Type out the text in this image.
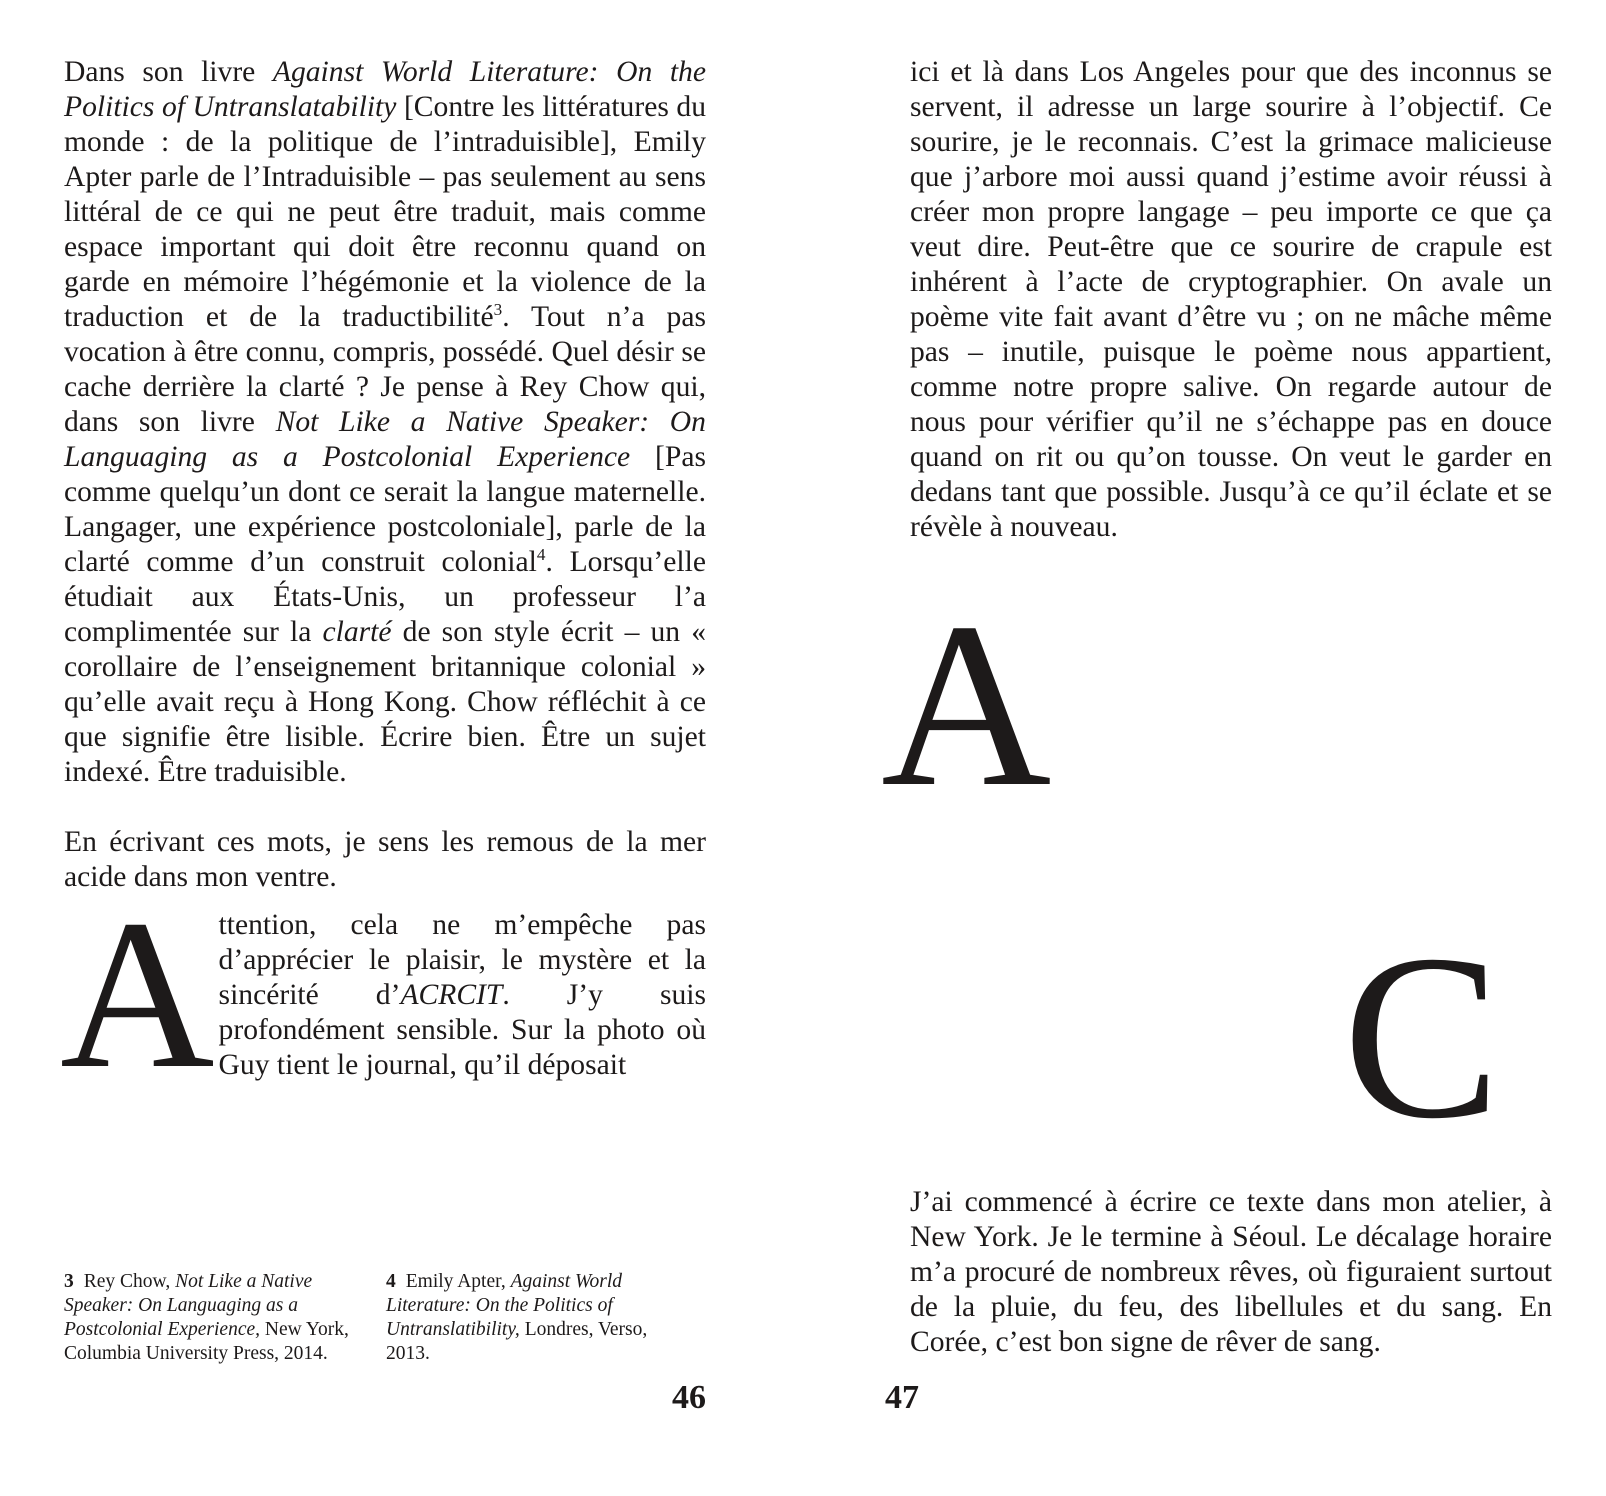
Dans son livre Against World Literature: On the Politics of Untranslatability [Contre les littératures du monde : de la politique de l’intraduisible], Emily Apter parle de l’Intraduisible – pas seulement au sens littéral de ce qui ne peut être traduit, mais comme espace important qui doit être reconnu quand on garde en mémoire l’hégémonie et la violence de la traduction et de la traductibilité$^3$. Tout n’a pas vocation à être connu, compris, possédé. Quel désir se cache derrière la clarté ? Je pense à Rey Chow qui, dans son livre Not Like a Native Speaker: On Languaging as a Postcolonial Experience [Pas comme quelqu’un dont ce serait la langue maternelle. Langager, une expérience postcoloniale], parle de la clarté comme d’un construit colonial$^4$. Lorsqu’elle étudiait aux États-Unis, un professeur l’a complimentée sur la clarté de son style écrit – un « corollaire de l’enseignement britannique colonial » qu’elle avait reçu à Hong Kong. Chow réfléchit à ce que signifie être lisible. Écrire bien. Être un sujet indexé. Être traduisible.

En écrivant ces mots, je sens les remous de la mer acide dans mon ventre.

Attention, cela ne m’empêche pas d’apprécier le plaisir, le mystère et la sincérité d’ACRCIT. J’y suis profondément sensible. Sur la photo où Guy tient le journal, qu’il déposait

3 Rey Chow, Not Like a Native Speaker: On Languaging as a Postcolonial Experience, New York, Columbia University Press, 2014.
4 Emily Apter, Against World Literature: On the Politics of Untranslatibility, Londres, Verso, 2013.
46

ici et là dans Los Angeles pour que des inconnus se servent, il adresse un large sourire à l’objectif. Ce sourire, je le reconnais. C’est la grimace malicieuse que j’arbore moi aussi quand j’estime avoir réussi à créer mon propre langage – peu importe ce que ça veut dire. Peut-être que ce sourire de crapule est inhérent à l’acte de cryptographier. On avale un poème vite fait avant d’être vu ; on ne mâche même pas – inutile, puisque le poème nous appartient, comme notre propre salive. On regarde autour de nous pour vérifier qu’il ne s’échappe pas en douce quand on rit ou qu’on tousse. On veut le garder en dedans tant que possible. Jusqu’à ce qu’il éclate et se révèle à nouveau.

A
C

J’ai commencé à écrire ce texte dans mon atelier, à New York. Je le termine à Séoul. Le décalage horaire m’a procuré de nombreux rêves, où figuraient surtout de la pluie, du feu, des libellules et du sang. En Corée, c’est bon signe de rêver de sang.

47
